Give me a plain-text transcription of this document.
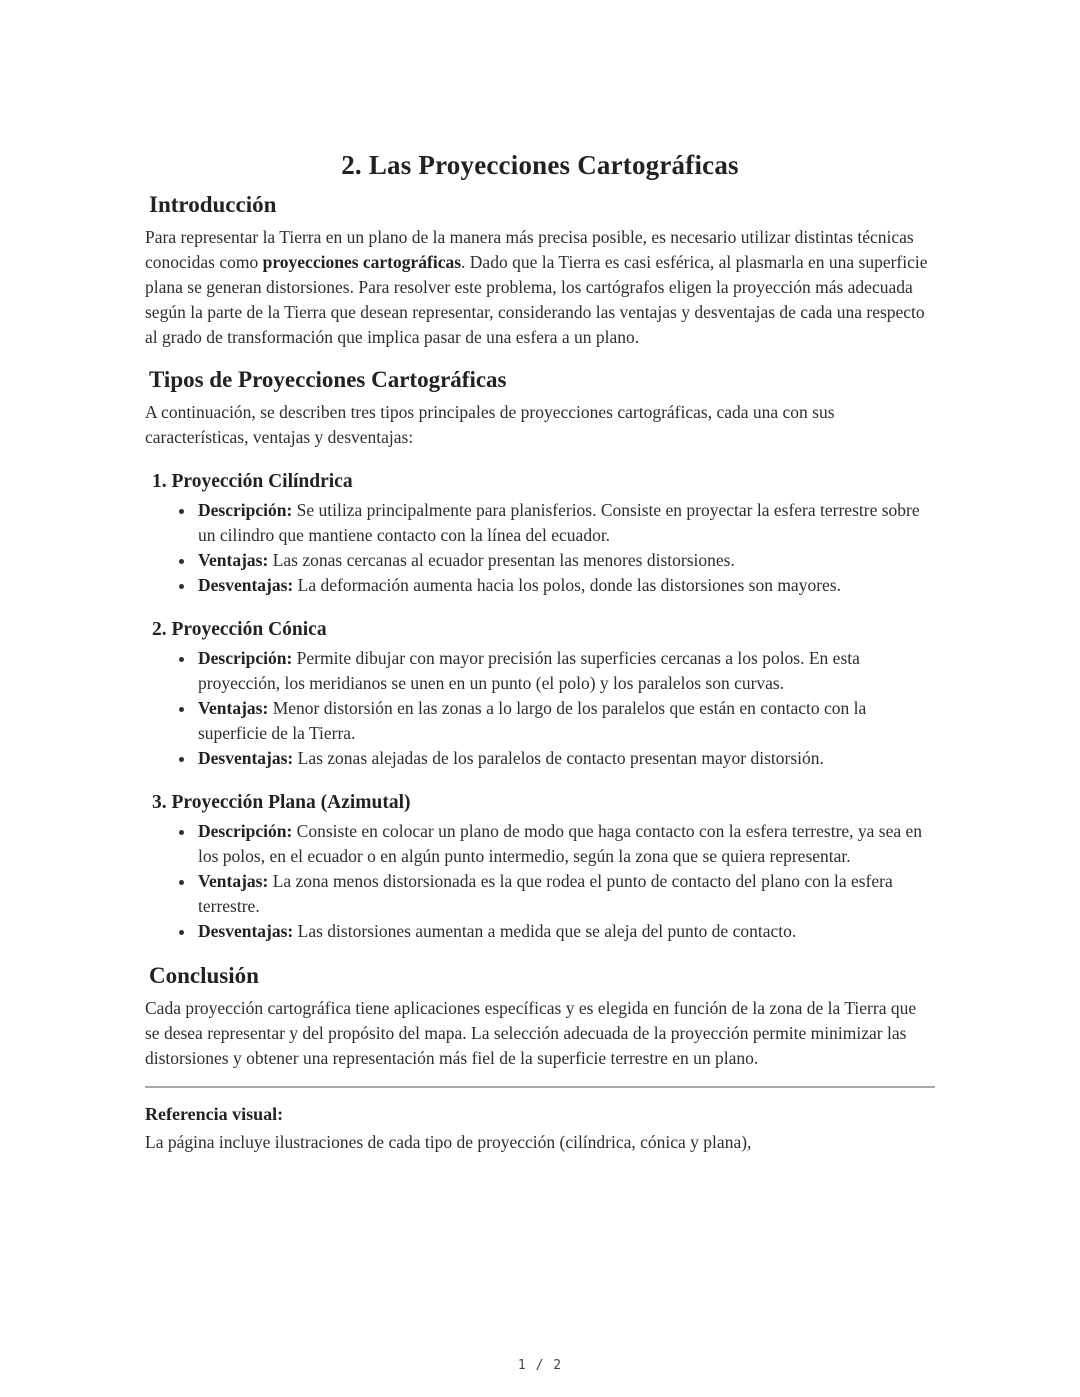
2. Las Proyecciones Cartográficas
Introducción

Para representar la Tierra en un plano de la manera más precisa posible, es necesario utilizar distintas técnicas conocidas como proyecciones cartográficas. Dado que la Tierra es casi esférica, al plasmarla en una superficie plana se generan distorsiones. Para resolver este problema, los cartógrafos eligen la proyección más adecuada según la parte de la Tierra que desean representar, considerando las ventajas y desventajas de cada una respecto al grado de transformación que implica pasar de una esfera a un plano.

Tipos de Proyecciones Cartográficas

A continuación, se describen tres tipos principales de proyecciones cartográficas, cada una con sus características, ventajas y desventajas:

1. Proyección Cilíndrica
• Descripción: Se utiliza principalmente para planisferios. Consiste en proyectar la esfera terrestre sobre un cilindro que mantiene contacto con la línea del ecuador.
• Ventajas: Las zonas cercanas al ecuador presentan las menores distorsiones.
• Desventajas: La deformación aumenta hacia los polos, donde las distorsiones son mayores.
2. Proyección Cónica
• Descripción: Permite dibujar con mayor precisión las superficies cercanas a los polos. En esta proyección, los meridianos se unen en un punto (el polo) y los paralelos son curvas.
• Ventajas: Menor distorsión en las zonas a lo largo de los paralelos que están en contacto con la superficie de la Tierra.
• Desventajas: Las zonas alejadas de los paralelos de contacto presentan mayor distorsión.
3. Proyección Plana (Azimutal)
• Descripción: Consiste en colocar un plano de modo que haga contacto con la esfera terrestre, ya sea en los polos, en el ecuador o en algún punto intermedio, según la zona que se quiera representar.
• Ventajas: La zona menos distorsionada es la que rodea el punto de contacto del plano con la esfera terrestre.
• Desventajas: Las distorsiones aumentan a medida que se aleja del punto de contacto.
Conclusión

Cada proyección cartográfica tiene aplicaciones específicas y es elegida en función de la zona de la Tierra que se desea representar y del propósito del mapa. La selección adecuada de la proyección permite minimizar las distorsiones y obtener una representación más fiel de la superficie terrestre en un plano.

Referencia visual:

La página incluye ilustraciones de cada tipo de proyección (cilíndrica, cónica y plana),

1 / 2
